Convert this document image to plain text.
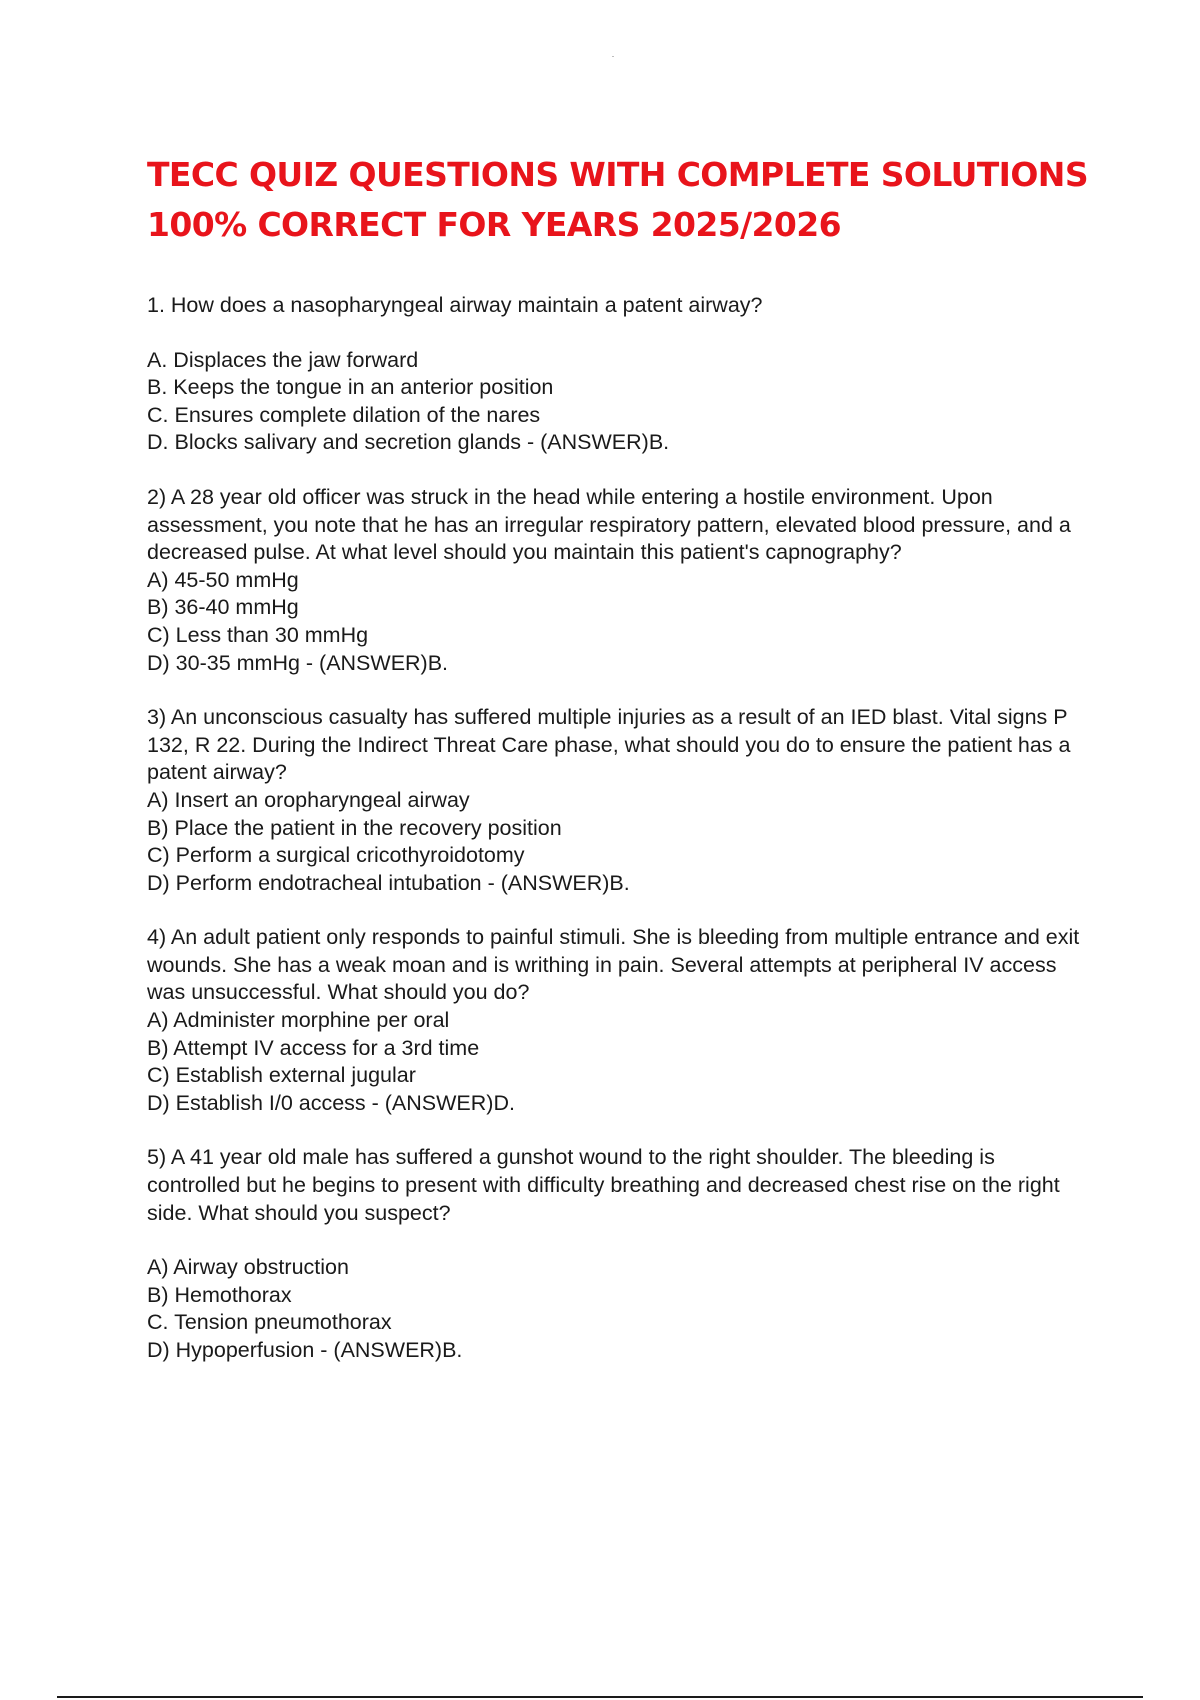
TECC QUIZ QUESTIONS WITH COMPLETE SOLUTIONS
100% CORRECT FOR YEARS 2025/2026

1. How does a nasopharyngeal airway maintain a patent airway?

A. Displaces the jaw forward
B. Keeps the tongue in an anterior position
C. Ensures complete dilation of the nares
D. Blocks salivary and secretion glands - (ANSWER)B.

2) A 28 year old officer was struck in the head while entering a hostile environment. Upon assessment, you note that he has an irregular respiratory pattern, elevated blood pressure, and a decreased pulse. At what level should you maintain this patient's capnography?

A) 45-50 mmHg
B) 36-40 mmHg
C) Less than 30 mmHg
D) 30-35 mmHg - (ANSWER)B.

3) An unconscious casualty has suffered multiple injuries as a result of an IED blast. Vital signs P 132, R 22. During the Indirect Threat Care phase, what should you do to ensure the patient has a patent airway?

A) Insert an oropharyngeal airway
B) Place the patient in the recovery position
C) Perform a surgical cricothyroidotomy
D) Perform endotracheal intubation - (ANSWER)B.

4) An adult patient only responds to painful stimuli. She is bleeding from multiple entrance and exit wounds. She has a weak moan and is writhing in pain. Several attempts at peripheral IV access was unsuccessful. What should you do?

A) Administer morphine per oral
B) Attempt IV access for a 3rd time
C) Establish external jugular
D) Establish I/0 access - (ANSWER)D.

5) A 41 year old male has suffered a gunshot wound to the right shoulder. The bleeding is controlled but he begins to present with difficulty breathing and decreased chest rise on the right side. What should you suspect?

A) Airway obstruction
B) Hemothorax
C. Tension pneumothorax
D) Hypoperfusion - (ANSWER)B.
